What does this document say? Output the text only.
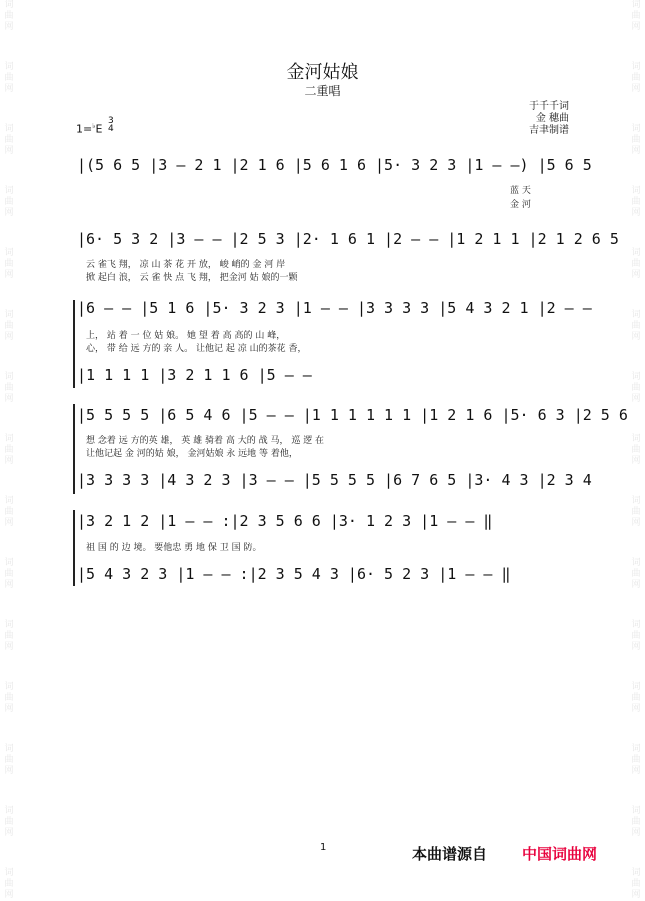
词
曲
网
词
曲
网
词
曲
网
词
曲
网
词
曲
网
词
曲
网
词
曲
网
词
曲
网
词
曲
网
词
曲
网
词
曲
网
词
曲
网
词
曲
网
词
曲
网
词
曲
网
词
曲
网
词
曲
网
词
曲
网
词
曲
网
词
曲
网
词
曲
网
词
曲
网
词
曲
网
词
曲
网
词
曲
网
词
曲
网
词
曲
网
词
曲
网
词
曲
网
词
曲
网
金河姑娘
二重唱
于千千词
金 穗曲
吉聿制谱
1=♭E
3
4
|(5 6 5 |3 — 2 1 |2 1 6 |5 6 1 6 |5· 3 2 3 |1 — —) |5 6 5
蓝 天
金 河
|6· 5 3 2 |3 — — |2 5 3 |2· 1 6 1 |2 — — |1 2 1 1 |2 1 2 6 5
云 雀飞 翔， 凉 山 茶 花 开 放， 峻 峭的 金 河 岸
掀 起白 浪， 云 雀 快 点 飞 翔， 把金河 姑 娘的一颗
|6 — — |5 1 6 |5· 3 2 3 |1 — — |3 3 3 3 |5 4 3 2 1 |2 — —
上， 站 着 一 位 姑 娘。 她 望 着 高 高的 山 峰，
心， 带 给 远 方的 亲 人。 让他记 起 凉 山的茶花 香，
|1 1 1 1 |3 2 1 1 6 |5 — —
|5 5 5 5 |6 5 4 6 |5 — — |1 1 1 1 1 1 |1 2 1 6 |5· 6 3 |2 5 6
想 念着 远 方的英 雄， 英 雄 骑着 高 大的 战 马， 巡 逻 在
让他记起 金 河的姑 娘， 金河姑娘 永 远地 等 着他，
|3 3 3 3 |4 3 2 3 |3 — — |5 5 5 5 |6 7 6 5 |3· 4 3 |2 3 4
|3 2 1 2 |1 — — :|2 3 5 6 6 |3· 1 2 3 |1 — — ‖
祖 国 的 边 境。 要他忠 勇 地 保 卫 国 防。
|5 4 3 2 3 |1 — — :|2 3 5 4 3 |6· 5 2 3 |1 — — ‖
1	本曲谱源自 中国词曲网
